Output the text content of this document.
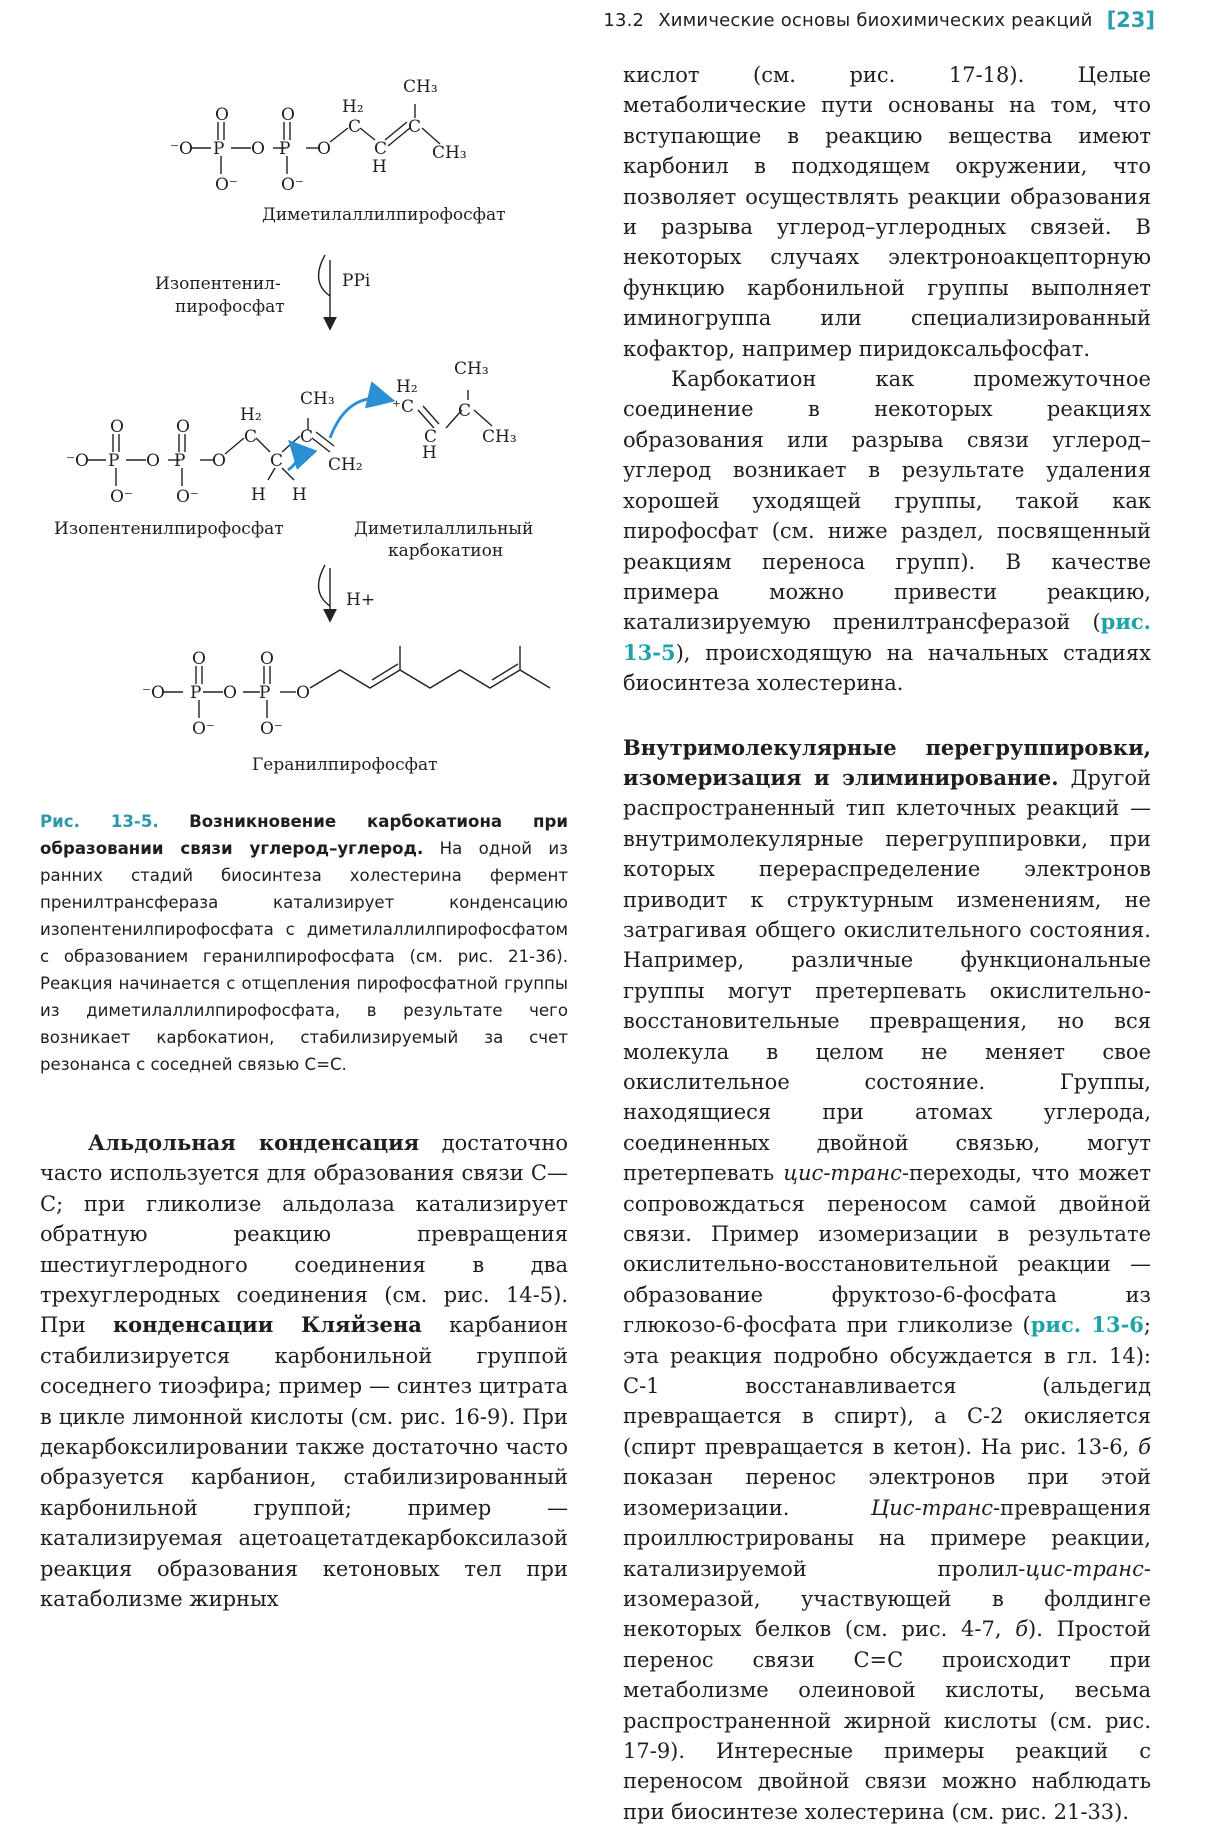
13.2 Химические основы биохимических реакций [23]
⁻O P O P O
O	O
O⁻	O⁻
H₂
C
C
H
C
CH₃
CH₃
Диметилаллилпирофосфат
Изопентенил-
пирофосфат
PPi
⁻O P O P O
O	O
O⁻	O⁻
H₂
C
C
H H
C
CH₃
CH₂
⁺C
H₂
C
H
C
CH₃
CH₃
Изопентенилпирофосфат	Диметилаллильный
карбокатион
H+
⁻O P O P O
O	O
O⁻	O⁻
Геранилпирофосфат
Рис. 13-5. Возникновение карбокатиона при образовании связи углерод–углерод. На одной из ранних стадий биосинтеза холестерина фермент пренилтрансфераза катализирует конденсацию изопентенилпирофосфата с диметилаллилпирофосфатом с образованием геранилпирофосфата (см. рис. 21-36). Реакция начинается с отщепления пирофосфатной группы из диметилаллилпирофосфата, в результате чего возникает карбокатион, стабилизируемый за счет резонанса с соседней связью C=C.

Альдольная конденсация достаточно часто используется для образования связи C—C; при гликолизе альдолаза катализирует обратную реакцию превращения шестиуглеродного соединения в два трехуглеродных соединения (см. рис. 14-5). При конденсации Кляйзена карбанион стабилизируется карбонильной группой соседнего тиоэфира; пример — синтез цитрата в цикле лимонной кислоты (см. рис. 16-9). При декарбоксилировании также достаточно часто образуется карбанион, стабилизированный карбонильной группой; пример — катализируемая ацетоацетатдекарбоксилазой реакция образования кетоновых тел при катаболизме жирных

кислот (см. рис. 17-18). Целые метаболические пути основаны на том, что вступающие в реакцию вещества имеют карбонил в подходящем окружении, что позволяет осуществлять реакции образования и разрыва углерод–углеродных связей. В некоторых случаях электроноакцепторную функцию карбонильной группы выполняет иминогруппа или специализированный кофактор, например пиридоксальфосфат.

Карбокатион как промежуточное соединение в некоторых реакциях образования или разрыва связи углерод–углерод возникает в результате удаления хорошей уходящей группы, такой как пирофосфат (см. ниже раздел, посвященный реакциям переноса групп). В качестве примера можно привести реакцию, катализируемую пренилтрансферазой (рис. 13-5), происходящую на начальных стадиях биосинтеза холестерина.

Внутримолекулярные перегруппировки, изомеризация и элиминирование. Другой распространенный тип клеточных реакций — внутримолекулярные перегруппировки, при которых перераспределение электронов приводит к структурным изменениям, не затрагивая общего окислительного состояния. Например, различные функциональные группы могут претерпевать окислительно-восстановительные превращения, но вся молекула в целом не меняет свое окислительное состояние. Группы, находящиеся при атомах углерода, соединенных двойной связью, могут претерпевать цис-транс-переходы, что может сопровождаться переносом самой двойной связи. Пример изомеризации в результате окислительно-восстановительной реакции — образование фруктозо-6-фосфата из глюкозо-6-фосфата при гликолизе (рис. 13-6; эта реакция подробно обсуждается в гл. 14): C-1 восстанавливается (альдегид превращается в спирт), а C-2 окисляется (спирт превращается в кетон). На рис. 13-6, б показан перенос электронов при этой изомеризации. Цис-транс-превращения проиллюстрированы на примере реакции, катализируемой пролил-цис-транс-изомеразой, участвующей в фолдинге некоторых белков (см. рис. 4-7, б). Простой перенос связи C=C происходит при метаболизме олеиновой кислоты, весьма распространенной жирной кислоты (см. рис. 17-9). Интересные примеры реакций с переносом двойной связи можно наблюдать при биосинтезе холестерина (см. рис. 21-33).
